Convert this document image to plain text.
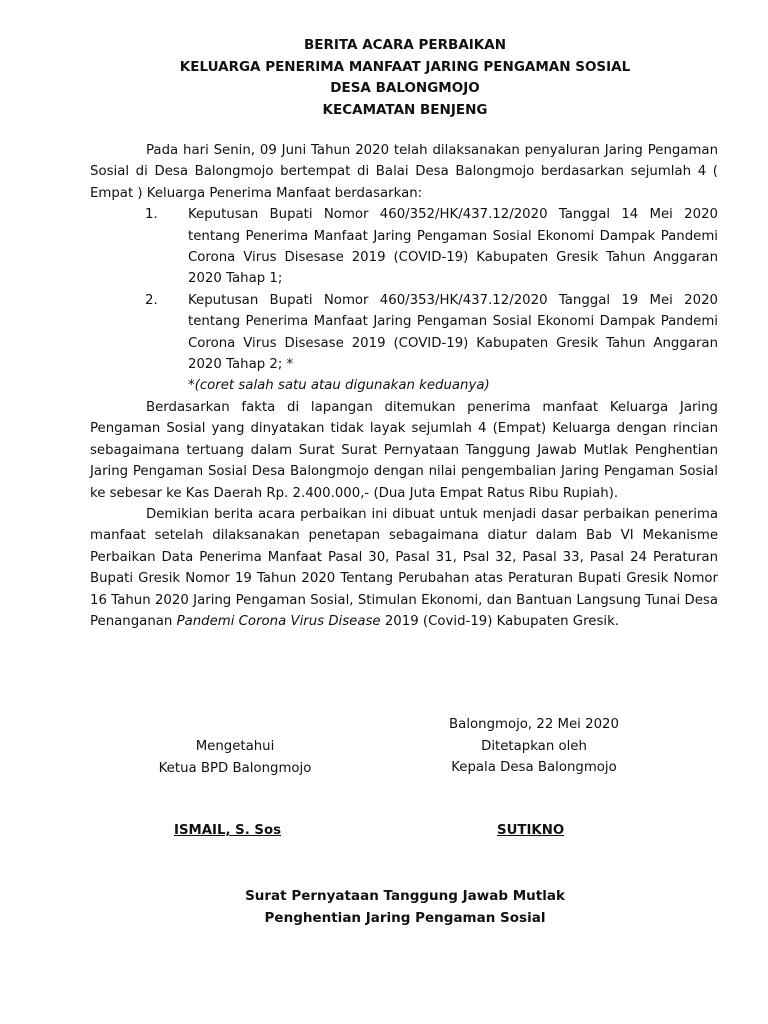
BERITA ACARA PERBAIKAN
KELUARGA PENERIMA MANFAAT JARING PENGAMAN SOSIAL
DESA BALONGMOJO
KECAMATAN BENJENG
Pada hari Senin, 09 Juni Tahun 2020 telah dilaksanakan penyaluran Jaring Pengaman Sosial di Desa Balongmojo bertempat di Balai Desa Balongmojo berdasarkan sejumlah 4 ( Empat ) Keluarga Penerima Manfaat berdasarkan:
1.	Keputusan Bupati Nomor 460/352/HK/437.12/2020 Tanggal 14 Mei 2020 tentang Penerima Manfaat Jaring Pengaman Sosial Ekonomi Dampak Pandemi Corona Virus Disesase 2019 (COVID-19) Kabupaten Gresik Tahun Anggaran 2020 Tahap 1;
2.	Keputusan Bupati Nomor 460/353/HK/437.12/2020 Tanggal 19 Mei 2020 tentang Penerima Manfaat Jaring Pengaman Sosial Ekonomi Dampak Pandemi Corona Virus Disesase 2019 (COVID-19) Kabupaten Gresik Tahun Anggaran 2020 Tahap 2; *
*(coret salah satu atau digunakan keduanya)
Berdasarkan fakta di lapangan ditemukan penerima manfaat Keluarga Jaring Pengaman Sosial yang dinyatakan tidak layak sejumlah 4 (Empat) Keluarga dengan rincian sebagaimana tertuang dalam Surat Surat Pernyataan Tanggung Jawab Mutlak Penghentian Jaring Pengaman Sosial Desa Balongmojo dengan nilai pengembalian Jaring Pengaman Sosial ke sebesar ke Kas Daerah Rp. 2.400.000,- (Dua Juta Empat Ratus Ribu Rupiah).
Demikian berita acara perbaikan ini dibuat untuk menjadi dasar perbaikan penerima manfaat setelah dilaksanakan penetapan sebagaimana diatur dalam Bab VI Mekanisme Perbaikan Data Penerima Manfaat Pasal 30, Pasal 31, Psal 32, Pasal 33, Pasal 24 Peraturan Bupati Gresik Nomor 19 Tahun 2020 Tentang Perubahan atas Peraturan Bupati Gresik Nomor 16 Tahun 2020 Jaring Pengaman Sosial, Stimulan Ekonomi, dan Bantuan Langsung Tunai Desa Penanganan Pandemi Corona Virus Disease 2019 (Covid-19) Kabupaten Gresik.
Balongmojo, 22 Mei 2020
Ditetapkan oleh
Kepala Desa Balongmojo
Mengetahui
Ketua BPD Balongmojo
ISMAIL, S. Sos	SUTIKNO
Surat Pernyataan Tanggung Jawab Mutlak
Penghentian Jaring Pengaman Sosial
